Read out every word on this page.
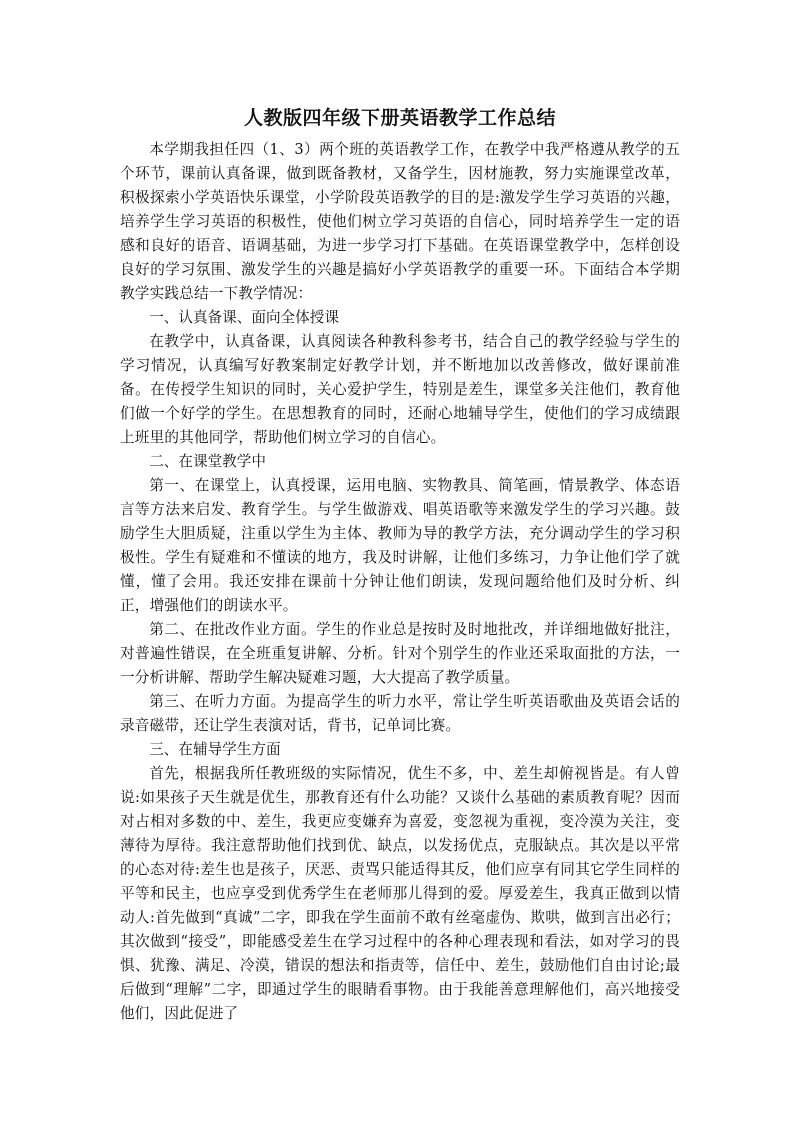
人教版四年级下册英语教学工作总结

本学期我担任四（1、3）两个班的英语教学工作，在教学中我严格遵从教学的五个环节，课前认真备课，做到既备教材，又备学生，因材施教，努力实施课堂改革，积极探索小学英语快乐课堂，小学阶段英语教学的目的是:激发学生学习英语的兴趣，培养学生学习英语的积极性，使他们树立学习英语的自信心，同时培养学生一定的语感和良好的语音、语调基础，为进一步学习打下基础。在英语课堂教学中，怎样创设良好的学习氛围、激发学生的兴趣是搞好小学英语教学的重要一环。下面结合本学期教学实践总结一下教学情况：

一、认真备课、面向全体授课

在教学中，认真备课，认真阅读各种教科参考书，结合自己的教学经验与学生的学习情况，认真编写好教案制定好教学计划，并不断地加以改善修改，做好课前准备。在传授学生知识的同时，关心爱护学生，特别是差生，课堂多关注他们，教育他们做一个好学的学生。在思想教育的同时，还耐心地辅导学生，使他们的学习成绩跟上班里的其他同学，帮助他们树立学习的自信心。

二、在课堂教学中

第一、在课堂上，认真授课，运用电脑、实物教具、简笔画，情景教学、体态语言等方法来启发、教育学生。与学生做游戏、唱英语歌等来激发学生的学习兴趣。鼓励学生大胆质疑，注重以学生为主体、教师为导的教学方法，充分调动学生的学习积极性。学生有疑难和不懂读的地方，我及时讲解，让他们多练习，力争让他们学了就懂，懂了会用。我还安排在课前十分钟让他们朗读，发现问题给他们及时分析、纠正，增强他们的朗读水平。

第二、在批改作业方面。学生的作业总是按时及时地批改，并详细地做好批注，对普遍性错误，在全班重复讲解、分析。针对个别学生的作业还采取面批的方法，一一分析讲解、帮助学生解决疑难习题，大大提高了教学质量。

第三、在听力方面。为提高学生的听力水平，常让学生听英语歌曲及英语会话的录音磁带，还让学生表演对话，背书，记单词比赛。

三、在辅导学生方面

首先，根据我所任教班级的实际情况，优生不多，中、差生却俯视皆是。有人曾说:如果孩子天生就是优生，那教育还有什么功能？又谈什么基础的素质教育呢？因而对占相对多数的中、差生，我更应变嫌弃为喜爱，变忽视为重视，变冷漠为关注，变薄待为厚待。我注意帮助他们找到优、缺点，以发扬优点，克服缺点。其次是以平常的心态对待:差生也是孩子，厌恶、责骂只能适得其反，他们应享有同其它学生同样的平等和民主，也应享受到优秀学生在老师那儿得到的爱。厚爱差生，我真正做到以情动人:首先做到“真诚”二字，即我在学生面前不敢有丝毫虚伪、欺哄，做到言出必行；其次做到“接受”，即能感受差生在学习过程中的各种心理表现和看法，如对学习的畏惧、犹豫、满足、冷漠，错误的想法和指责等，信任中、差生，鼓励他们自由讨论;最后做到“理解”二字，即通过学生的眼睛看事物。由于我能善意理解他们，高兴地接受他们，因此促进了
